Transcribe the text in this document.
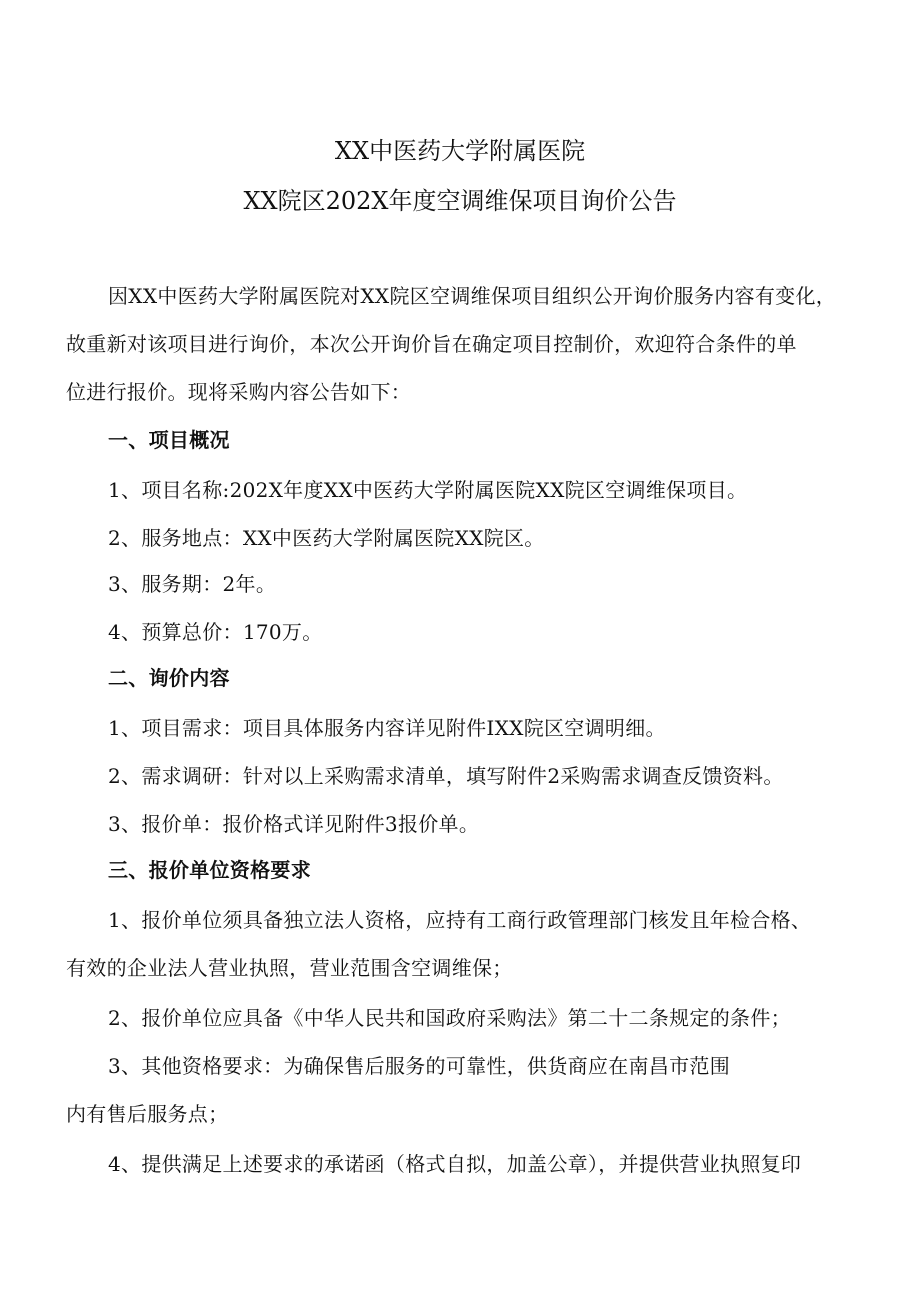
XX中医药大学附属医院
XX院区202X年度空调维保项目询价公告
因XX中医药大学附属医院对XX院区空调维保项目组织公开询价服务内容有变化，
故重新对该项目进行询价，本次公开询价旨在确定项目控制价，欢迎符合条件的单
位进行报价。现将采购内容公告如下：
一、项目概况
1、项目名称:202X年度XX中医药大学附属医院XX院区空调维保项目。
2、服务地点：XX中医药大学附属医院XX院区。
3、服务期：2年。
4、预算总价：170万。
二、询价内容
1、项目需求：项目具体服务内容详见附件IXX院区空调明细。
2、需求调研：针对以上采购需求清单，填写附件2采购需求调查反馈资料。
3、报价单：报价格式详见附件3报价单。
三、报价单位资格要求
1、报价单位须具备独立法人资格，应持有工商行政管理部门核发且年检合格、
有效的企业法人营业执照，营业范围含空调维保；
2、报价单位应具备《中华人民共和国政府采购法》第二十二条规定的条件；
3、其他资格要求：为确保售后服务的可靠性，供货商应在南昌市范围
内有售后服务点；
4、提供满足上述要求的承诺函（格式自拟，加盖公章），并提供营业执照复印
